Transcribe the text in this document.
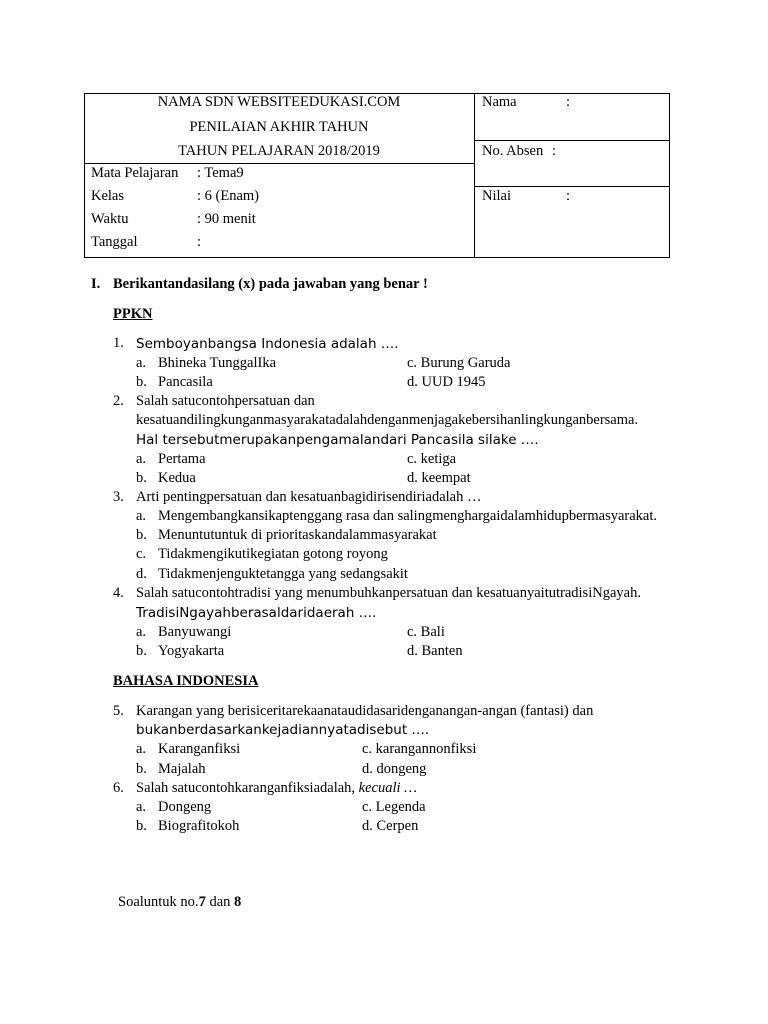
NAMA SDN WEBSITEEDUKASI.COM
PENILAIAN AKHIR TAHUN
TAHUN PELAJARAN 2018/2019
Mata Pelajaran : Tema9
Kelas	: 6 (Enam)
Waktu	: 90 menit
Tanggal	:
Nama	:
No. Absen :
Nilai	:
I. Berikantandasilang (x) pada jawaban yang benar !
PPKN
1. Semboyanbangsa Indonesia adalah ….
a. Bhineka TunggalIka
b. Pancasila
c. Burung Garuda
d. UUD 1945
2. Salah satucontohpersatuan dan
kesatuandilingkunganmasyarakatadalahdenganmenjagakebersihanlingkunganbersama.
Hal tersebutmerupakanpengamalandari Pancasila silake ….
a. Pertama
b. Kedua
c. ketiga
d. keempat
3. Arti pentingpersatuan dan kesatuanbagidirisendiriadalah …
a. Mengembangkansikaptenggang rasa dan salingmenghargaidalamhidupbermasyarakat.
b. Menuntutuntuk di prioritaskandalammasyarakat
c. Tidakmengikutikegiatan gotong royong
d. Tidakmenjenguktetangga yang sedangsakit
4. Salah satucontohtradisi yang menumbuhkanpersatuan dan kesatuanyaitutradisiNgayah.
TradisiNgayahberasaldaridaerah ….
a. Banyuwangi
b. Yogyakarta
c. Bali
d. Banten
BAHASA INDONESIA
5. Karangan yang berisiceritarekaanataudidasaridenganangan-angan (fantasi) dan
bukanberdasarkankejadiannyatadisebut ….
a. Karanganfiksi
b. Majalah
c. karangannonfiksi
d. dongeng
6. Salah satucontohkaranganfiksiadalah, kecuali …
a. Dongeng
b. Biografitokoh
c. Legenda
d. Cerpen
Soaluntuk no.7 dan 8
